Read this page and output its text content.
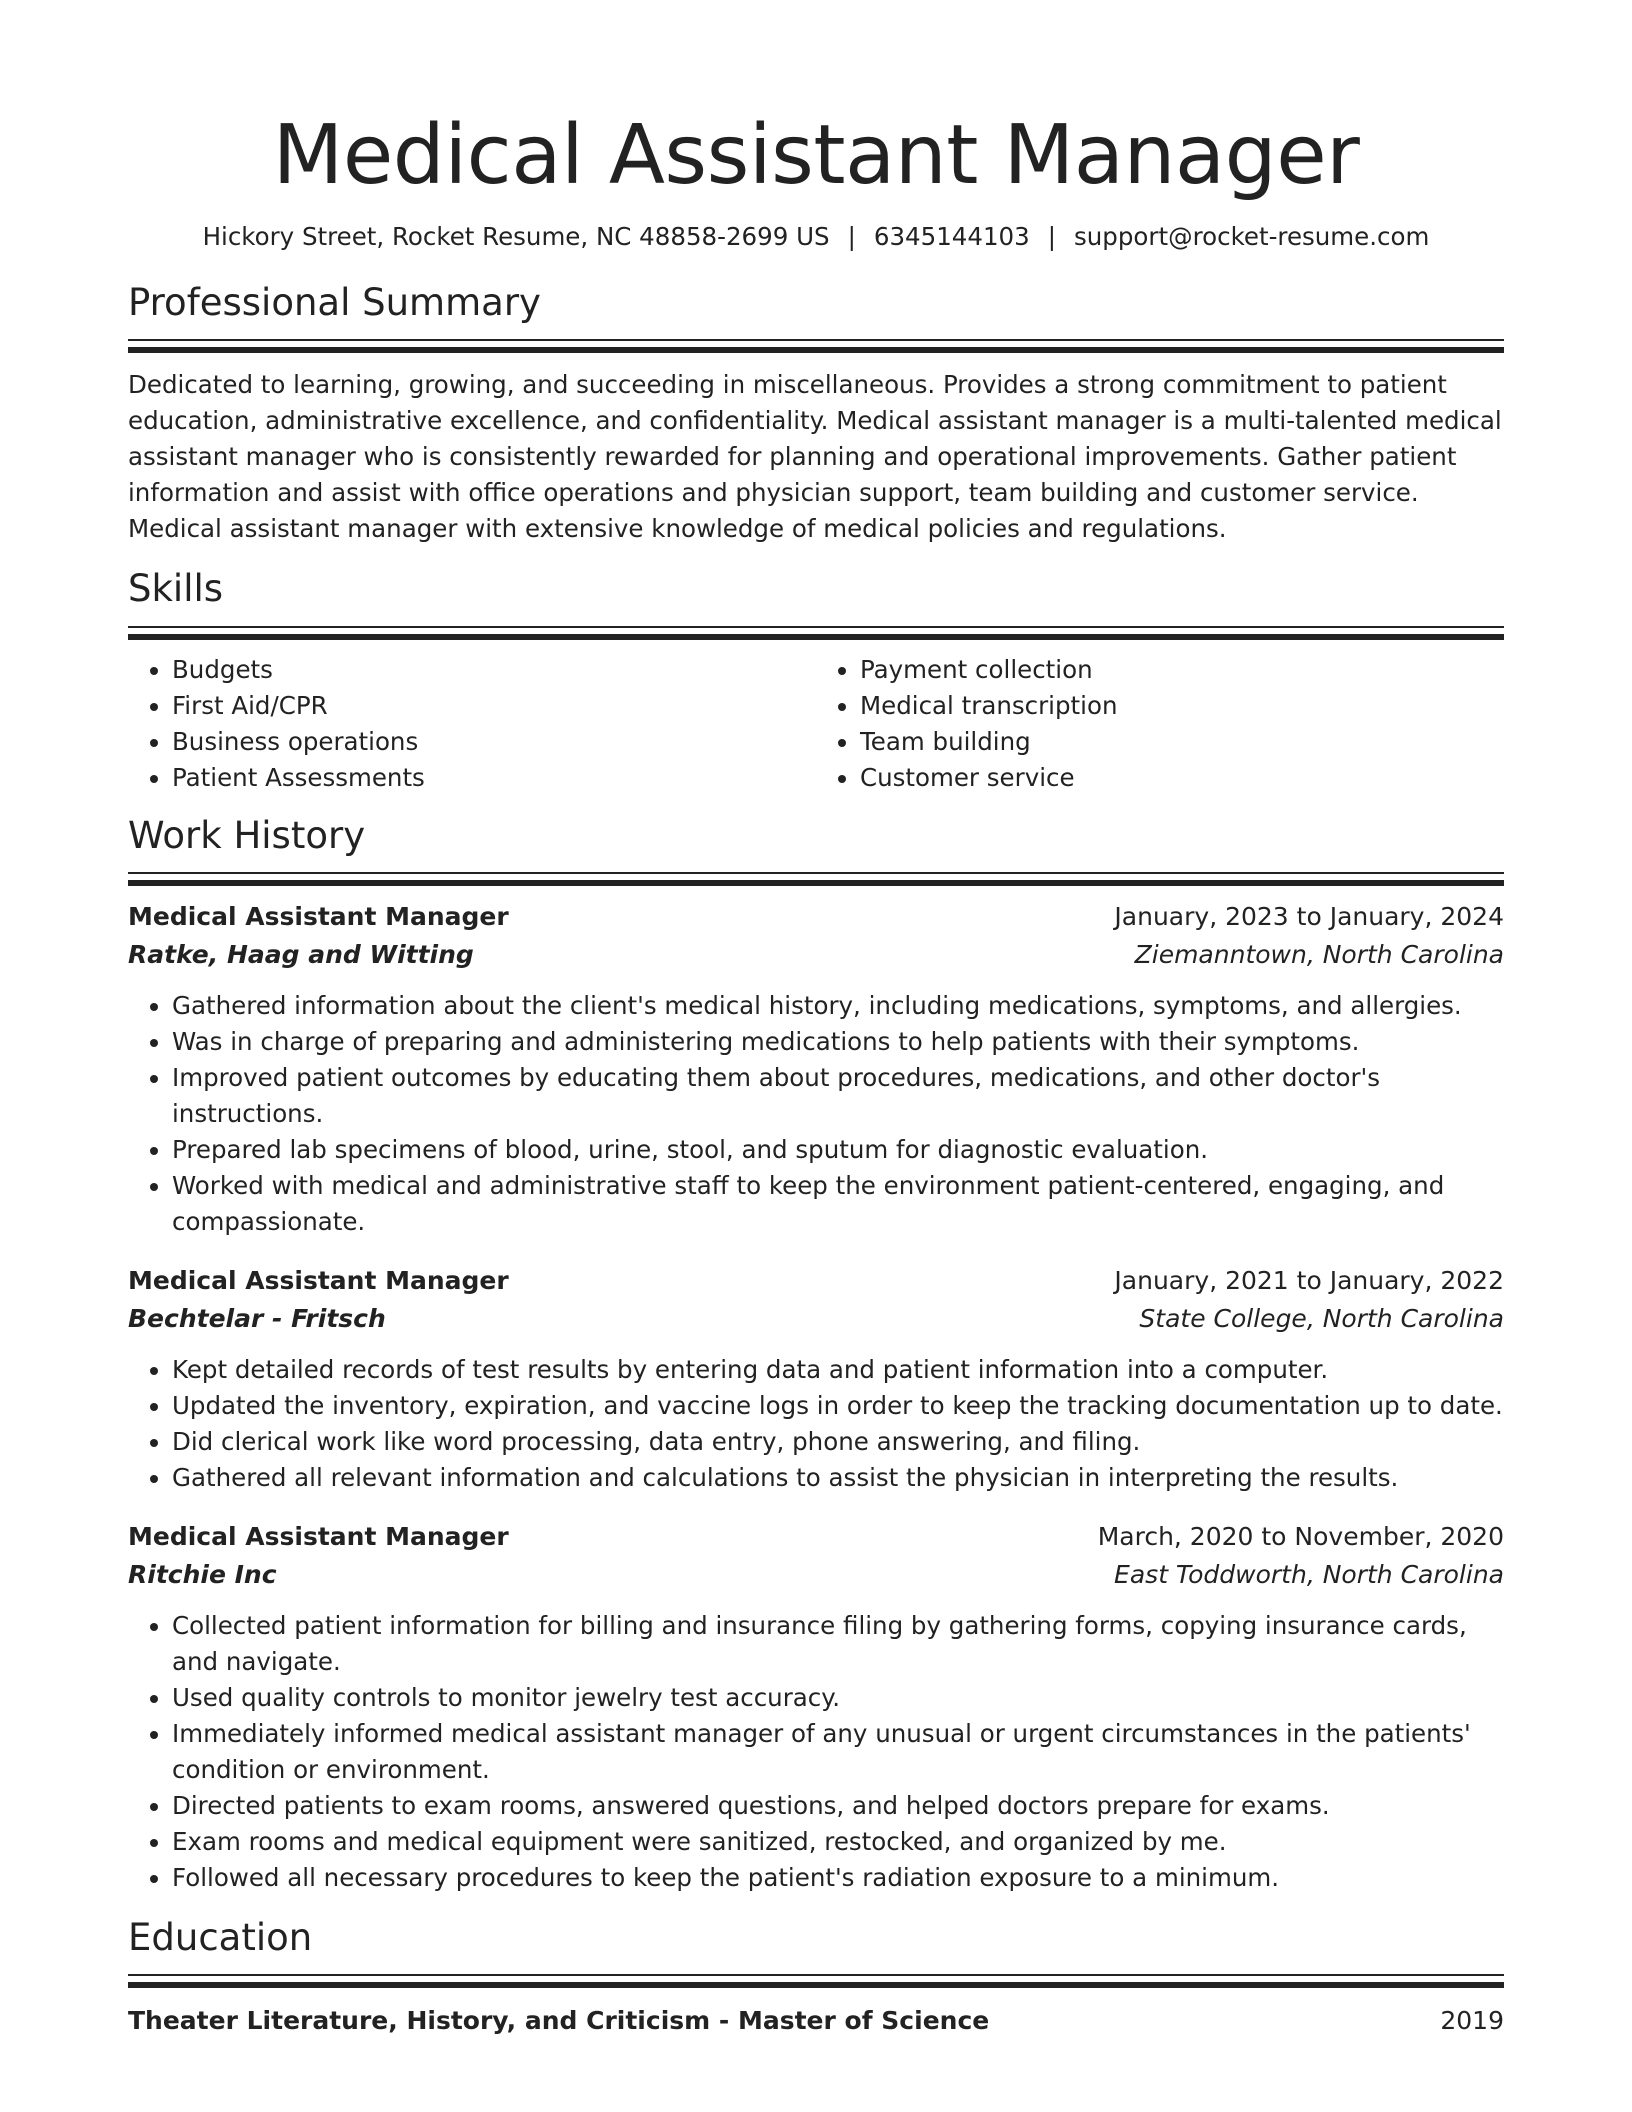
Medical Assistant Manager
Hickory Street, Rocket Resume, NC 48858-2699 US | 6345144103 | support@rocket-resume.com
Professional Summary

Dedicated to learning, growing, and succeeding in miscellaneous. Provides a strong commitment to patient education, administrative excellence, and confidentiality. Medical assistant manager is a multi-talented medical assistant manager who is consistently rewarded for planning and operational improvements. Gather patient information and assist with office operations and physician support, team building and customer service. Medical assistant manager with extensive knowledge of medical policies and regulations.

Skills
• Budgets
• First Aid/CPR
• Business operations
• Patient Assessments
• Payment collection
• Medical transcription
• Team building
• Customer service
Work History
Medical Assistant Manager	January, 2023 to January, 2024
Ratke, Haag and Witting	Ziemanntown, North Carolina
• Gathered information about the client's medical history, including medications, symptoms, and allergies.
• Was in charge of preparing and administering medications to help patients with their symptoms.
• Improved patient outcomes by educating them about procedures, medications, and other doctor's instructions.
• Prepared lab specimens of blood, urine, stool, and sputum for diagnostic evaluation.
• Worked with medical and administrative staff to keep the environment patient-centered, engaging, and compassionate.
Medical Assistant Manager	January, 2021 to January, 2022
Bechtelar - Fritsch	State College, North Carolina
• Kept detailed records of test results by entering data and patient information into a computer.
• Updated the inventory, expiration, and vaccine logs in order to keep the tracking documentation up to date.
• Did clerical work like word processing, data entry, phone answering, and filing.
• Gathered all relevant information and calculations to assist the physician in interpreting the results.
Medical Assistant Manager	March, 2020 to November, 2020
Ritchie Inc	East Toddworth, North Carolina
• Collected patient information for billing and insurance filing by gathering forms, copying insurance cards, and navigate.
• Used quality controls to monitor jewelry test accuracy.
• Immediately informed medical assistant manager of any unusual or urgent circumstances in the patients' condition or environment.
• Directed patients to exam rooms, answered questions, and helped doctors prepare for exams.
• Exam rooms and medical equipment were sanitized, restocked, and organized by me.
• Followed all necessary procedures to keep the patient's radiation exposure to a minimum.
Education
Theater Literature, History, and Criticism - Master of Science	2019
